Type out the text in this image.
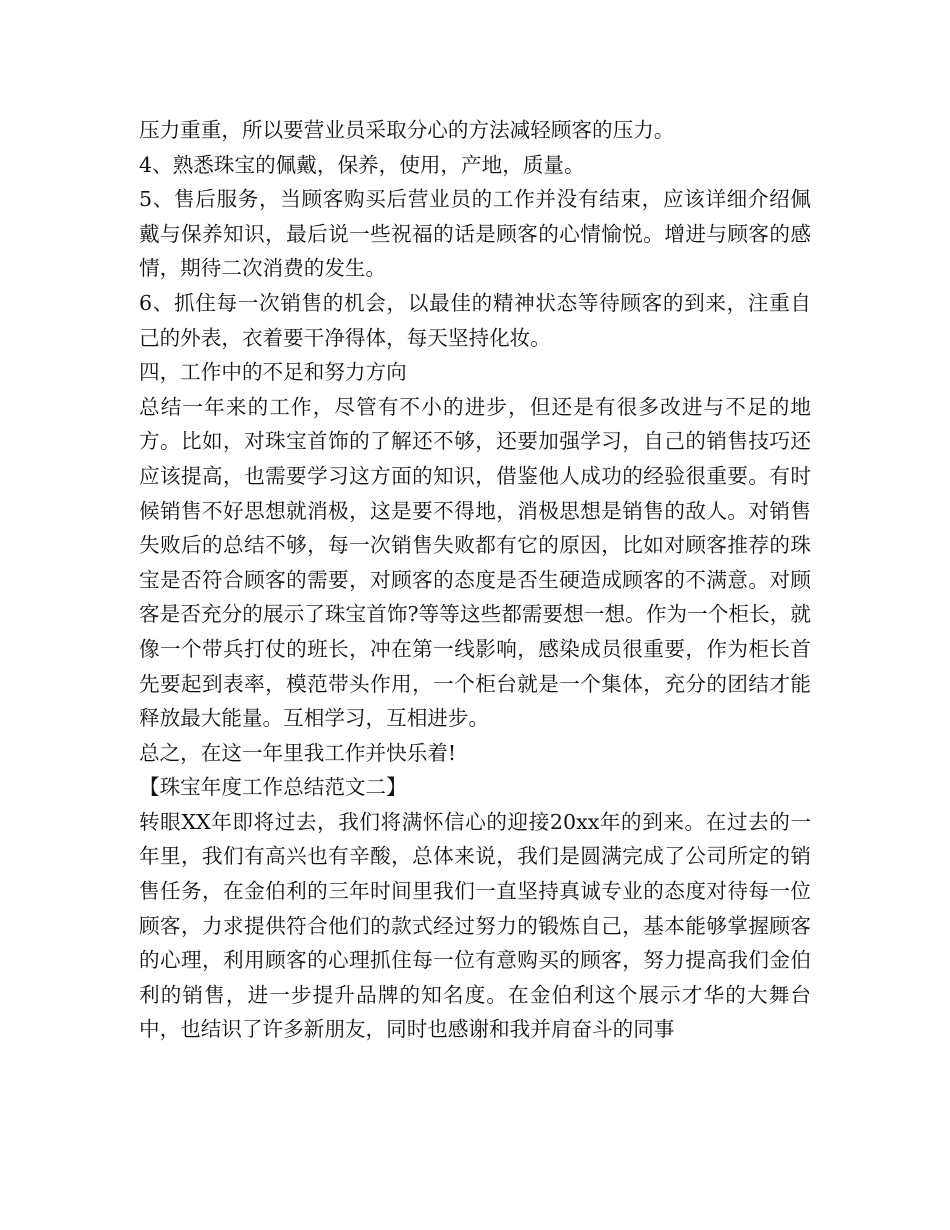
压力重重，所以要营业员采取分心的方法减轻顾客的压力。

4、熟悉珠宝的佩戴，保养，使用，产地，质量。

5、售后服务，当顾客购买后营业员的工作并没有结束，应该详细介绍佩戴与保养知识，最后说一些祝福的话是顾客的心情愉悦。增进与顾客的感情，期待二次消费的发生。

6、抓住每一次销售的机会，以最佳的精神状态等待顾客的到来，注重自己的外表，衣着要干净得体，每天坚持化妆。

四，工作中的不足和努力方向

总结一年来的工作，尽管有不小的进步，但还是有很多改进与不足的地方。比如，对珠宝首饰的了解还不够，还要加强学习，自己的销售技巧还应该提高，也需要学习这方面的知识，借鉴他人成功的经验很重要。有时候销售不好思想就消极，这是要不得地，消极思想是销售的敌人。对销售失败后的总结不够，每一次销售失败都有它的原因，比如对顾客推荐的珠宝是否符合顾客的需要，对顾客的态度是否生硬造成顾客的不满意。对顾客是否充分的展示了珠宝首饰?等等这些都需要想一想。作为一个柜长，就像一个带兵打仗的班长，冲在第一线影响，感染成员很重要，作为柜长首先要起到表率，模范带头作用，一个柜台就是一个集体，充分的团结才能释放最大能量。互相学习，互相进步。

总之，在这一年里我工作并快乐着!

【珠宝年度工作总结范文二】

转眼XX年即将过去，我们将满怀信心的迎接20xx年的到来。在过去的一年里，我们有高兴也有辛酸，总体来说，我们是圆满完成了公司所定的销售任务，在金伯利的三年时间里我们一直坚持真诚专业的态度对待每一位顾客，力求提供符合他们的款式经过努力的锻炼自己，基本能够掌握顾客的心理，利用顾客的心理抓住每一位有意购买的顾客，努力提高我们金伯利的销售，进一步提升品牌的知名度。在金伯利这个展示才华的大舞台中，也结识了许多新朋友，同时也感谢和我并肩奋斗的同事
